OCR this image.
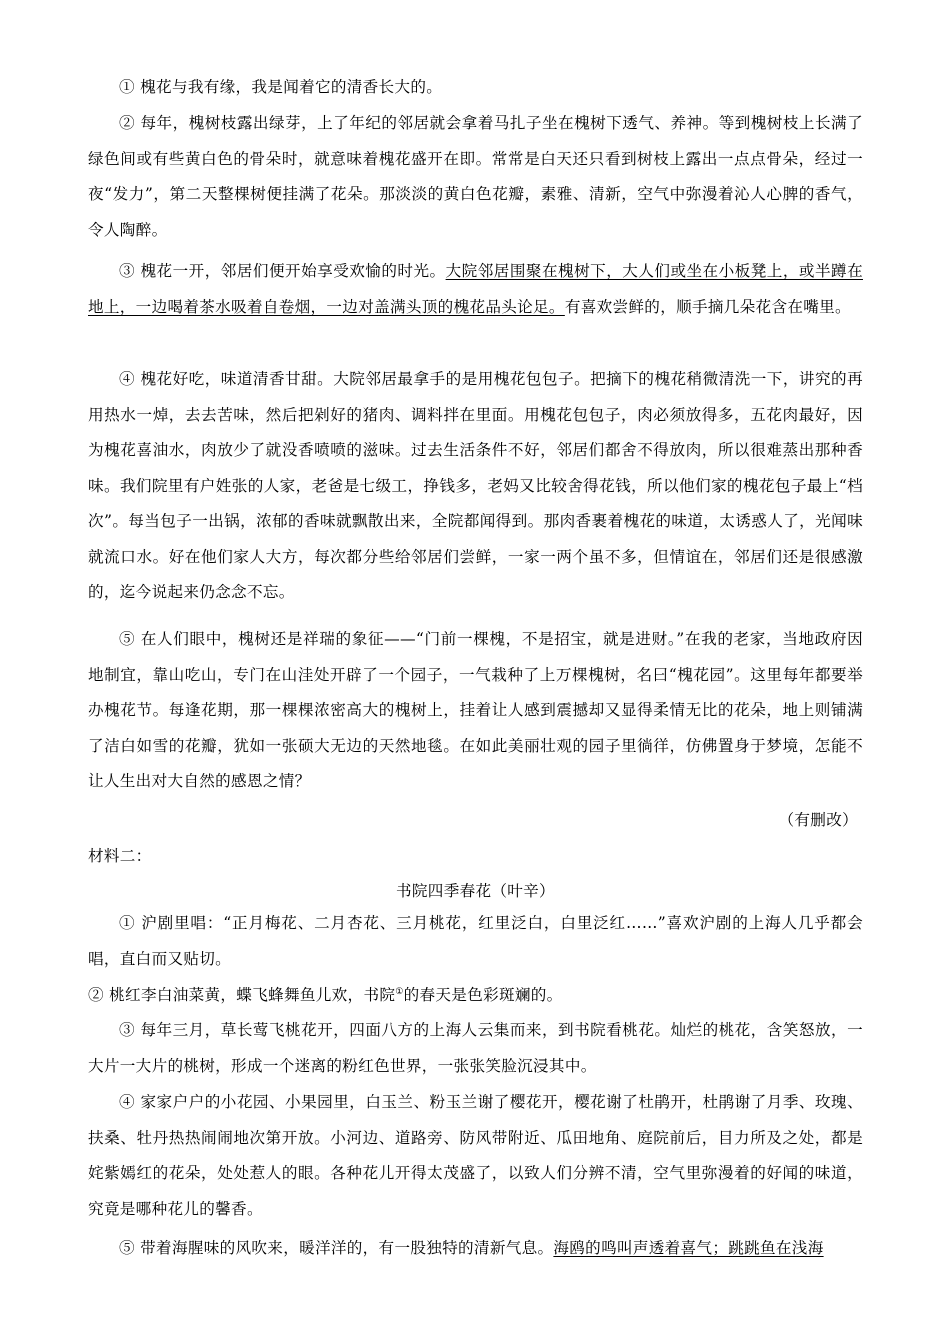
① 槐花与我有缘，我是闻着它的清香长大的。

② 每年，槐树枝露出绿芽，上了年纪的邻居就会拿着马扎子坐在槐树下透气、养神。等到槐树枝上长满了绿色间或有些黄白色的骨朵时，就意味着槐花盛开在即。常常是白天还只看到树枝上露出一点点骨朵，经过一夜“发力”，第二天整棵树便挂满了花朵。那淡淡的黄白色花瓣，素雅、清新，空气中弥漫着沁人心脾的香气，令人陶醉。

③ 槐花一开，邻居们便开始享受欢愉的时光。大院邻居围聚在槐树下，大人们或坐在小板凳上，或半蹲在地上，一边喝着茶水吸着自卷烟，一边对盖满头顶的槐花品头论足。有喜欢尝鲜的，顺手摘几朵花含在嘴里。

④ 槐花好吃，味道清香甘甜。大院邻居最拿手的是用槐花包包子。把摘下的槐花稍微清洗一下，讲究的再用热水一焯，去去苦味，然后把剁好的猪肉、调料拌在里面。用槐花包包子，肉必须放得多，五花肉最好，因为槐花喜油水，肉放少了就没香喷喷的滋味。过去生活条件不好，邻居们都舍不得放肉，所以很难蒸出那种香味。我们院里有户姓张的人家，老爸是七级工，挣钱多，老妈又比较舍得花钱，所以他们家的槐花包子最上“档次”。每当包子一出锅，浓郁的香味就飘散出来，全院都闻得到。那肉香裹着槐花的味道，太诱惑人了，光闻味就流口水。好在他们家人大方，每次都分些给邻居们尝鲜，一家一两个虽不多，但情谊在，邻居们还是很感激的，迄今说起来仍念念不忘。

⑤ 在人们眼中，槐树还是祥瑞的象征——“门前一棵槐，不是招宝，就是进财。”在我的老家，当地政府因地制宜，靠山吃山，专门在山洼处开辟了一个园子，一气栽种了上万棵槐树，名曰“槐花园”。这里每年都要举办槐花节。每逢花期，那一棵棵浓密高大的槐树上，挂着让人感到震撼却又显得柔情无比的花朵，地上则铺满了洁白如雪的花瓣，犹如一张硕大无边的天然地毯。在如此美丽壮观的园子里徜徉，仿佛置身于梦境，怎能不让人生出对大自然的感恩之情？

（有删改）

材料二：

书院四季春花（叶辛）

① 沪剧里唱：“正月梅花、二月杏花、三月桃花，红里泛白，白里泛红……”喜欢沪剧的上海人几乎都会唱，直白而又贴切。

② 桃红李白油菜黄，蝶飞蜂舞鱼儿欢，书院①的春天是色彩斑斓的。

③ 每年三月，草长莺飞桃花开，四面八方的上海人云集而来，到书院看桃花。灿烂的桃花，含笑怒放，一大片一大片的桃树，形成一个迷离的粉红色世界，一张张笑脸沉浸其中。

④ 家家户户的小花园、小果园里，白玉兰、粉玉兰谢了樱花开，樱花谢了杜鹃开，杜鹃谢了月季、玫瑰、扶桑、牡丹热热闹闹地次第开放。小河边、道路旁、防风带附近、瓜田地角、庭院前后，目力所及之处，都是姹紫嫣红的花朵，处处惹人的眼。各种花儿开得太茂盛了，以致人们分辨不清，空气里弥漫着的好闻的味道，究竟是哪种花儿的馨香。

⑤ 带着海腥味的风吹来，暖洋洋的，有一股独特的清新气息。海鸥的鸣叫声透着喜气；跳跳鱼在浅海
